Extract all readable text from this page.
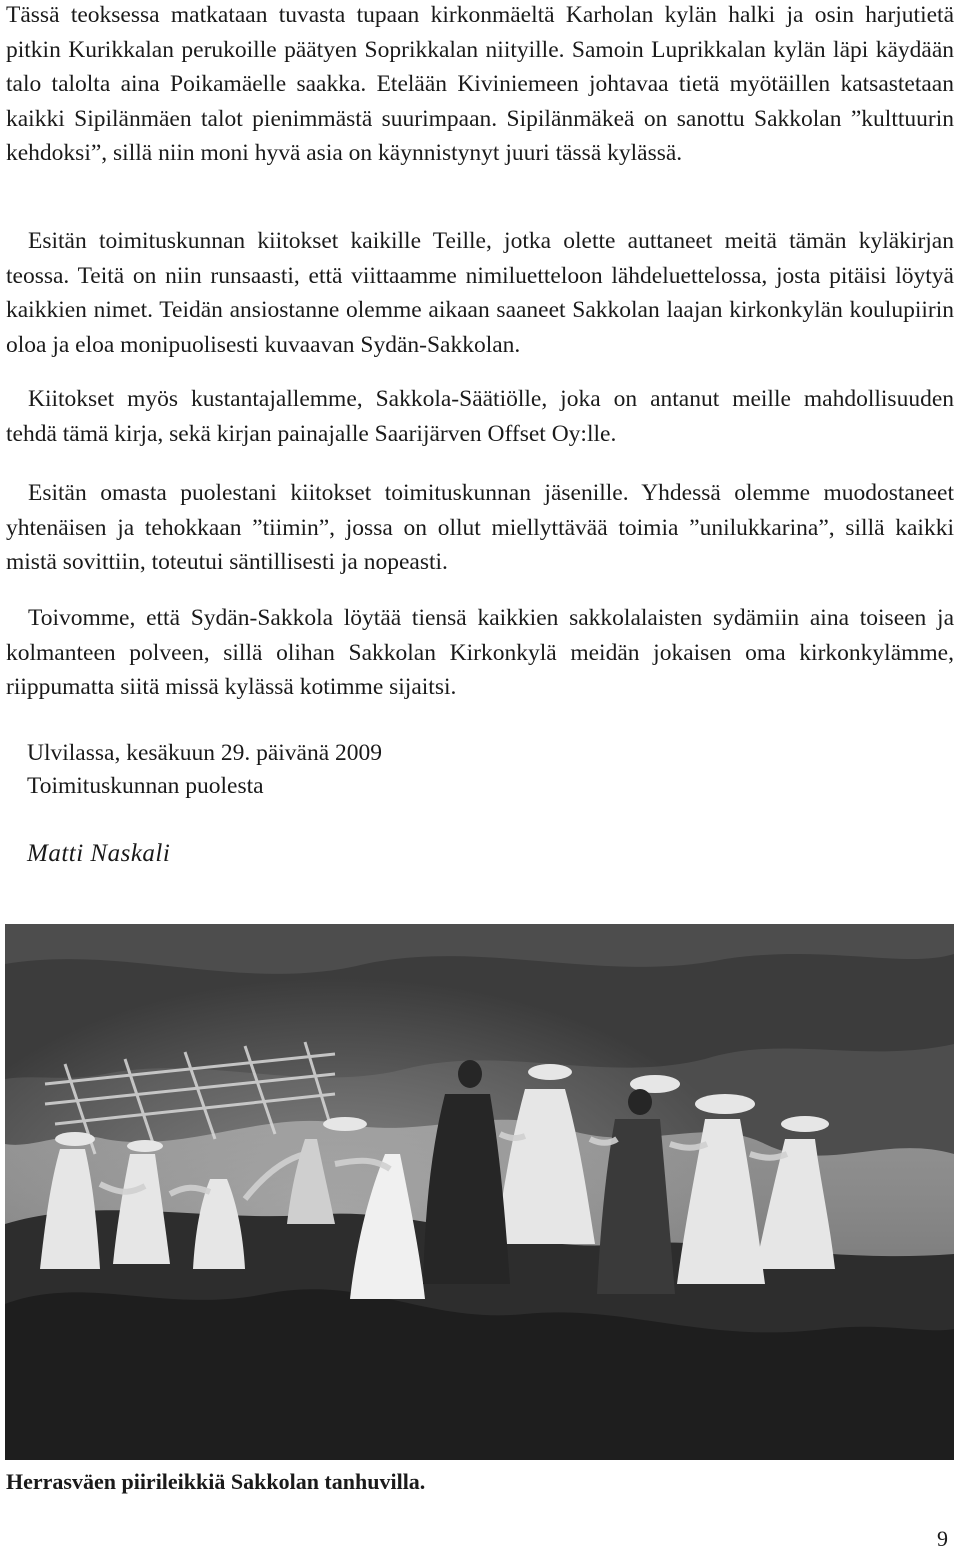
Tässä teoksessa matkataan tuvasta tupaan kirkonmäeltä Karholan kylän halki ja osin harjutietä pitkin Kurikkalan perukoille päätyen Soprikkalan niityille. Samoin Luprikkalan kylän läpi käydään talo talolta aina Poikamäelle saakka. Etelään Kiviniemeen johtavaa tietä myötäillen katsastetaan kaikki Sipilänmäen talot pienimmästä suurimpaan. Sipilänmäkeä on sanottu Sakkolan ”kulttuurin kehdoksi”, sillä niin moni hyvä asia on käynnistynyt juuri tässä kylässä.

Esitän toimituskunnan kiitokset kaikille Teille, jotka olette auttaneet meitä tämän kyläkirjan teossa. Teitä on niin runsaasti, että viittaamme nimiluetteloon lähdeluettelossa, josta pitäisi löytyä kaikkien nimet. Teidän ansiostanne olemme aikaan saaneet Sakkolan laajan kirkonkylän koulupiirin oloa ja eloa monipuolisesti kuvaavan Sydän-Sakkolan.

Kiitokset myös kustantajallemme, Sakkola-Säätiölle, joka on antanut meille mahdollisuuden tehdä tämä kirja, sekä kirjan painajalle Saarijärven Offset Oy:lle.

Esitän omasta puolestani kiitokset toimituskunnan jäsenille. Yhdessä olemme muodostaneet yhtenäisen ja tehokkaan ”tiimin”, jossa on ollut miellyttävää toimia ”unilukkarina”, sillä kaikki mistä sovittiin, toteutui säntillisesti ja nopeasti.

Toivomme, että Sydän-Sakkola löytää tiensä kaikkien sakkolalaisten sydämiin aina toiseen ja kolmanteen polveen, sillä olihan Sakkolan Kirkonkylä meidän jokaisen oma kirkonkylämme, riippumatta siitä missä kylässä kotimme sijaitsi.

Ulvilassa, kesäkuun 29. päivänä 2009

Toimituskunnan puolesta

Matti Naskali
Herrasväen piirileikkiä Sakkolan tanhuvilla.
9
